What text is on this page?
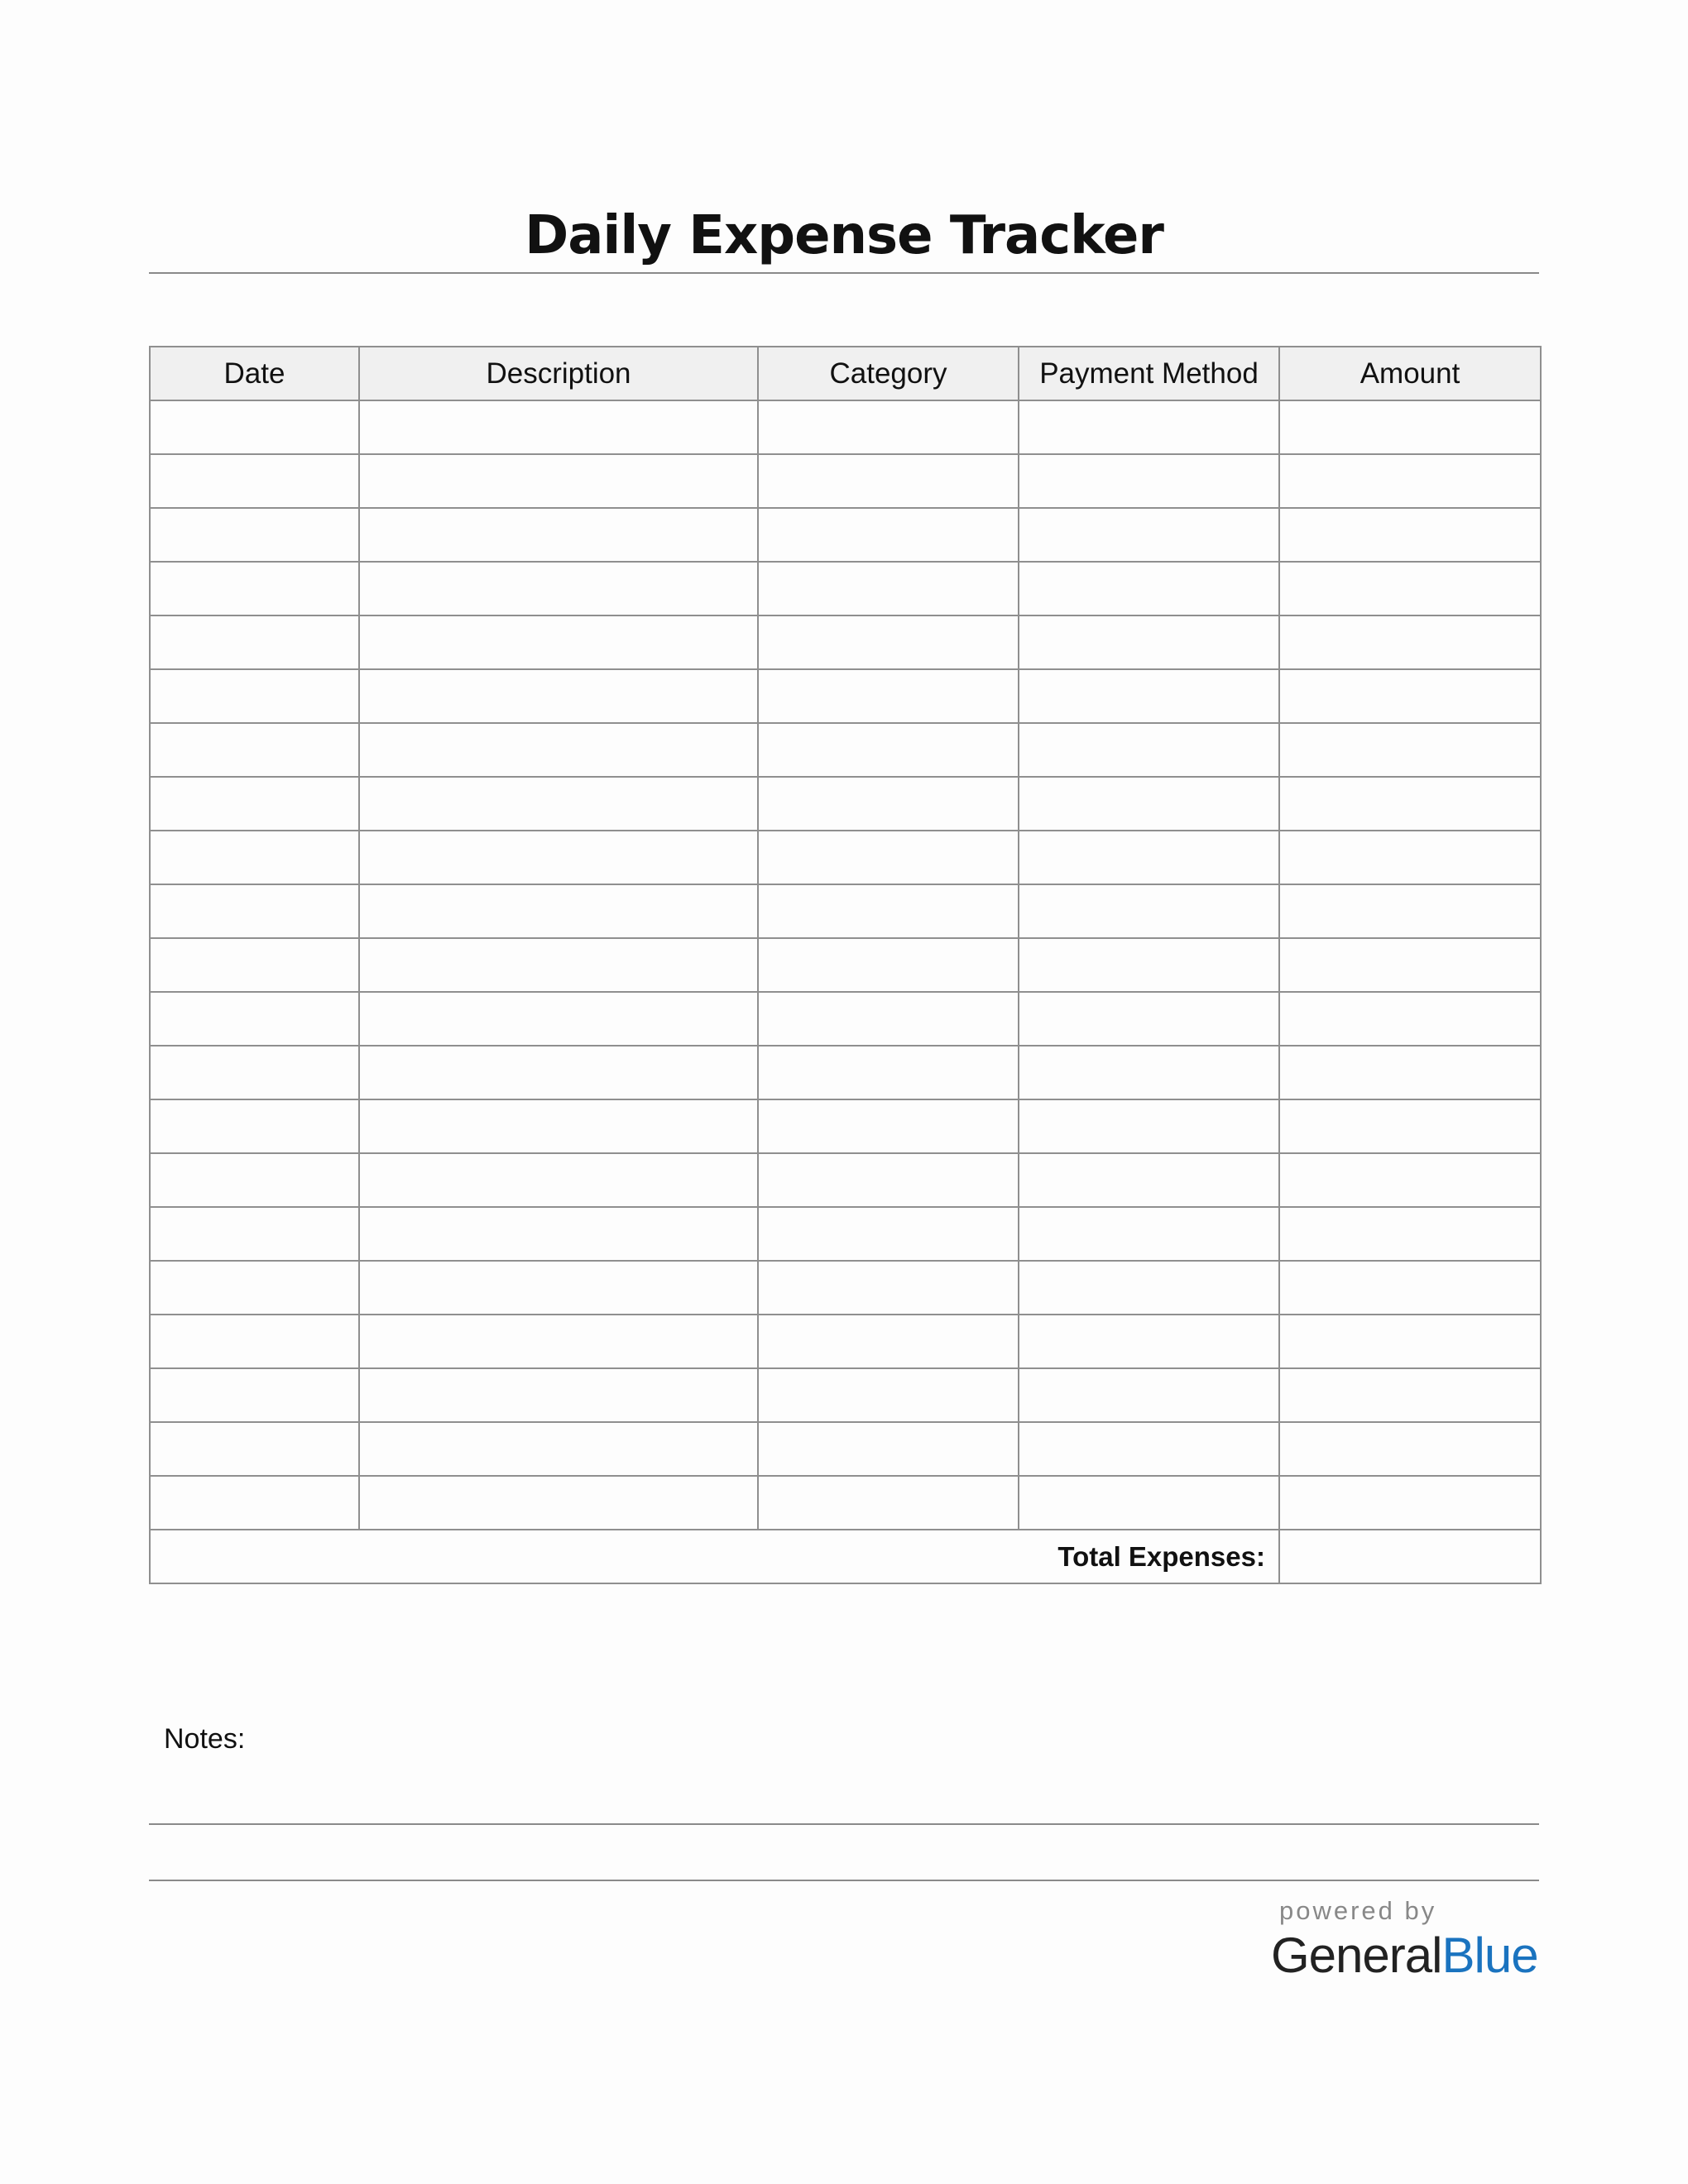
Daily Expense Tracker
Date	Description	Category	Payment Method	Amount

Total Expenses:				
Notes:
powered by
GeneralBlue
